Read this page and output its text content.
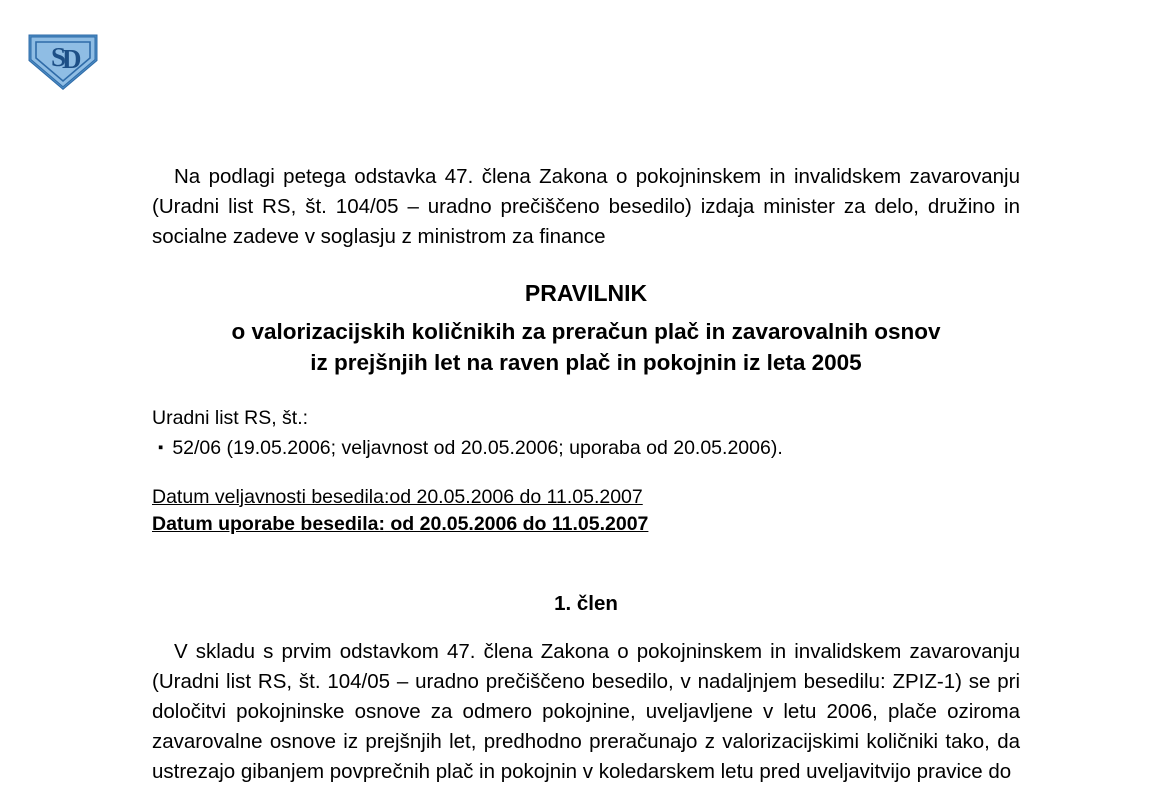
S
D

Na podlagi petega odstavka 47. člena Zakona o pokojninskem in invalidskem zavarovanju (Uradni list RS, št. 104/05 – uradno prečiščeno besedilo) izdaja minister za delo, družino in socialne zadeve v soglasju z ministrom za finance

PRAVILNIK

o valorizacijskih količnikih za preračun plač in zavarovalnih osnov

iz prejšnjih let na raven plač in pokojnin iz leta 2005

Uradni list RS, št.:

▪ 52/06 (19.05.2006; veljavnost od 20.05.2006; uporaba od 20.05.2006).

Datum veljavnosti besedila:od 20.05.2006 do 11.05.2007

Datum uporabe besedila: od 20.05.2006 do 11.05.2007

1. člen

V skladu s prvim odstavkom 47. člena Zakona o pokojninskem in invalidskem zavarovanju (Uradni list RS, št. 104/05 – uradno prečiščeno besedilo, v nadaljnjem besedilu: ZPIZ-1) se pri določitvi pokojninske osnove za odmero pokojnine, uveljavljene v letu 2006, plače oziroma zavarovalne osnove iz prejšnjih let, predhodno preračunajo z valorizacijskimi količniki tako, da ustrezajo gibanjem povprečnih plač in pokojnin v koledarskem letu pred uveljavitvijo pravice do
